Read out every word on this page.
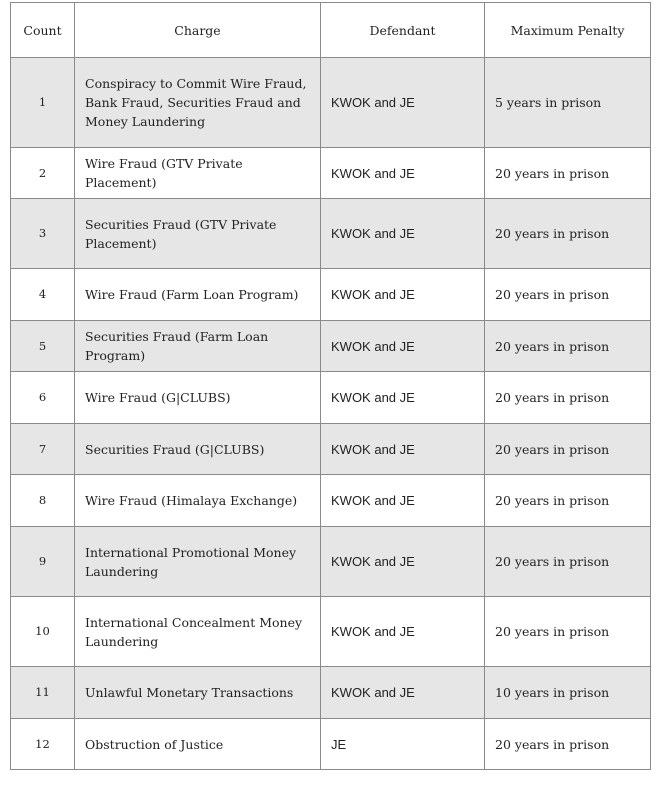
Count	Charge	Defendant	Maximum Penalty
1	Conspiracy to Commit Wire Fraud, Bank Fraud, Securities Fraud and Money Laundering	KWOK and JE	5 years in prison
2	Wire Fraud (GTV Private Placement)	KWOK and JE	20 years in prison
3	Securities Fraud (GTV Private Placement)	KWOK and JE	20 years in prison
4	Wire Fraud (Farm Loan Program)	KWOK and JE	20 years in prison
5	Securities Fraud (Farm Loan Program)	KWOK and JE	20 years in prison
6	Wire Fraud (G|CLUBS)	KWOK and JE	20 years in prison
7	Securities Fraud (G|CLUBS)	KWOK and JE	20 years in prison
8	Wire Fraud (Himalaya Exchange)	KWOK and JE	20 years in prison
9	International Promotional Money Laundering	KWOK and JE	20 years in prison
10	International Concealment Money Laundering	KWOK and JE	20 years in prison
11	Unlawful Monetary Transactions	KWOK and JE	10 years in prison
12	Obstruction of Justice	JE	20 years in prison
